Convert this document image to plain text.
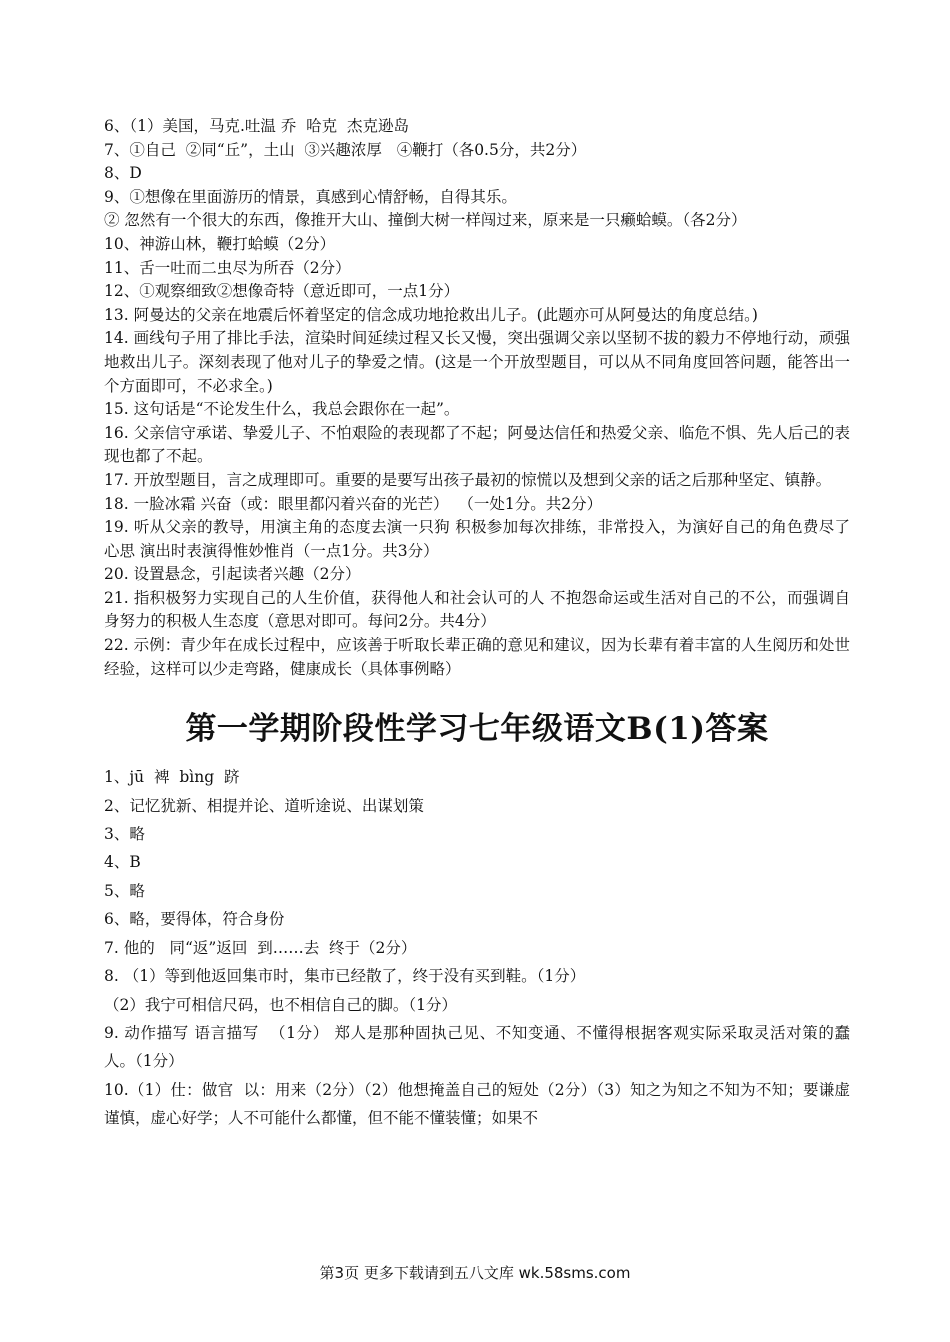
6、（1）美国，马克.吐温 乔  哈克  杰克逊岛

7、①自己  ②同“丘”，土山  ③兴趣浓厚   ④鞭打（各0.5分，共2分）

8、D

9、①想像在里面游历的情景，真感到心情舒畅，自得其乐。

② 忽然有一个很大的东西，像推开大山、撞倒大树一样闯过来，原来是一只癞蛤蟆。（各2分）

10、神游山林，鞭打蛤蟆（2分）

11、舌一吐而二虫尽为所吞（2分）

12、①观察细致②想像奇特（意近即可，一点1分）

13. 阿曼达的父亲在地震后怀着坚定的信念成功地抢救出儿子。(此题亦可从阿曼达的角度总结。)

14. 画线句子用了排比手法，渲染时间延续过程又长又慢，突出强调父亲以坚韧不拔的毅力不停地行动，顽强地救出儿子。深刻表现了他对儿子的挚爱之情。(这是一个开放型题目，可以从不同角度回答问题，能答出一个方面即可，不必求全。)

15. 这句话是“不论发生什么，我总会跟你在一起”。

16. 父亲信守承诺、挚爱儿子、不怕艰险的表现都了不起；阿曼达信任和热爱父亲、临危不惧、先人后己的表现也都了不起。

17. 开放型题目，言之成理即可。重要的是要写出孩子最初的惊慌以及想到父亲的话之后那种坚定、镇静。

18. 一脸冰霜 兴奋（或：眼里都闪着兴奋的光芒）  （一处1分。共2分）

19. 听从父亲的教导，用演主角的态度去演一只狗 积极参加每次排练，非常投入，为演好自己的角色费尽了心思 演出时表演得惟妙惟肖（一点1分。共3分）

20. 设置悬念，引起读者兴趣（2分）

21. 指积极努力实现自己的人生价值，获得他人和社会认可的人 不抱怨命运或生活对自己的不公，而强调自身努力的积极人生态度（意思对即可。每问2分。共4分）

22. 示例：青少年在成长过程中，应该善于听取长辈正确的意见和建议，因为长辈有着丰富的人生阅历和处世经验，这样可以少走弯路，健康成长（具体事例略）

第一学期阶段性学习七年级语文B(1)答案

1、jū  裨  bìng  跻

2、记忆犹新、相提并论、道听途说、出谋划策

3、略

4、B

5、略

6、略，要得体，符合身份

7. 他的   同“返”返回  到……去  终于（2分）

8. （1）等到他返回集市时，集市已经散了，终于没有买到鞋。（1分）

（2）我宁可相信尺码，也不相信自己的脚。（1分）

9. 动作描写 语言描写  （1分） 郑人是那种固执己见、不知变通、不懂得根据客观实际采取灵活对策的蠢人。（1分）

10.（1）仕：做官  以：用来（2分）（2）他想掩盖自己的短处（2分）（3）知之为知之不知为不知；要谦虚谨慎，虚心好学；人不可能什么都懂，但不能不懂装懂；如果不

第3页 更多下载请到五八文库 wk.58sms.com
